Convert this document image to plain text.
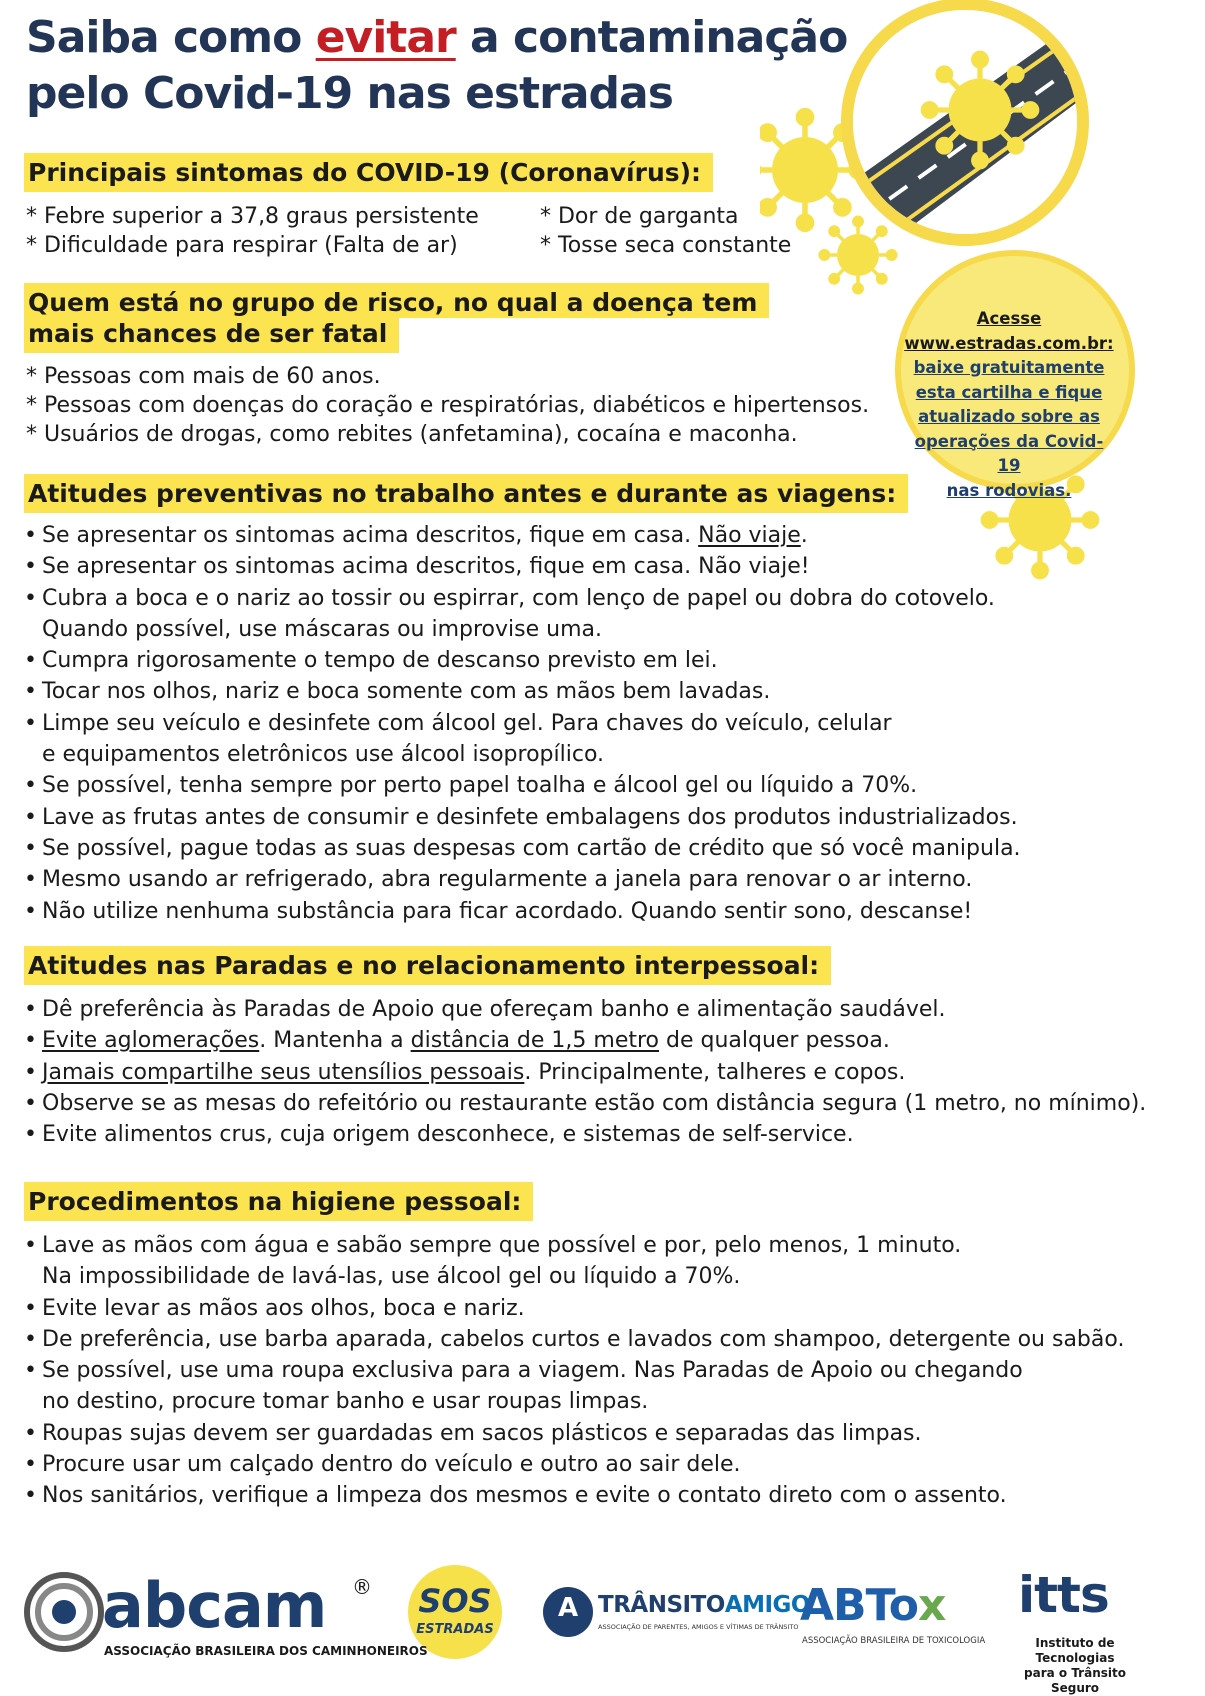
Saiba como evitar a contaminação
pelo Covid-19 nas estradas
Acesse
www.estradas.com.br:
baixe gratuitamente
esta cartilha e fique
atualizado sobre as
operações da Covid-19
nas rodovias.
Principais sintomas do COVID-19 (Coronavírus):
* Febre superior a 37,8 graus persistente
* Dificuldade para respirar (Falta de ar)
* Dor de garganta
* Tosse seca constante
Quem está no grupo de risco, no qual a doença tem
mais chances de ser fatal
* Pessoas com mais de 60 anos.
* Pessoas com doenças do coração e respiratórias, diabéticos e hipertensos.
* Usuários de drogas, como rebites (anfetamina), cocaína e maconha.
Atitudes preventivas no trabalho antes e durante as viagens:
• Se apresentar os sintomas acima descritos, fique em casa. Não viaje.
• Se apresentar os sintomas acima descritos, fique em casa. Não viaje!
• Cubra a boca e o nariz ao tossir ou espirrar, com lenço de papel ou dobra do cotovelo.
Quando possível, use máscaras ou improvise uma.
• Cumpra rigorosamente o tempo de descanso previsto em lei.
• Tocar nos olhos, nariz e boca somente com as mãos bem lavadas.
• Limpe seu veículo e desinfete com álcool gel. Para chaves do veículo, celular
e equipamentos eletrônicos use álcool isopropílico.
• Se possível, tenha sempre por perto papel toalha e álcool gel ou líquido a 70%.
• Lave as frutas antes de consumir e desinfete embalagens dos produtos industrializados.
• Se possível, pague todas as suas despesas com cartão de crédito que só você manipula.
• Mesmo usando ar refrigerado, abra regularmente a janela para renovar o ar interno.
• Não utilize nenhuma substância para ficar acordado. Quando sentir sono, descanse!
Atitudes nas Paradas e no relacionamento interpessoal:
• Dê preferência às Paradas de Apoio que ofereçam banho e alimentação saudável.
• Evite aglomerações. Mantenha a distância de 1,5 metro de qualquer pessoa.
• Jamais compartilhe seus utensílios pessoais. Principalmente, talheres e copos.
• Observe se as mesas do refeitório ou restaurante estão com distância segura (1 metro, no mínimo).
• Evite alimentos crus, cuja origem desconhece, e sistemas de self-service.
Procedimentos na higiene pessoal:
• Lave as mãos com água e sabão sempre que possível e por, pelo menos, 1 minuto.
Na impossibilidade de lavá-las, use álcool gel ou líquido a 70%.
• Evite levar as mãos aos olhos, boca e nariz.
• De preferência, use barba aparada, cabelos curtos e lavados com shampoo, detergente ou sabão.
• Se possível, use uma roupa exclusiva para a viagem. Nas Paradas de Apoio ou chegando
no destino, procure tomar banho e usar roupas limpas.
• Roupas sujas devem ser guardadas em sacos plásticos e separadas das limpas.
• Procure usar um calçado dentro do veículo e outro ao sair dele.
• Nos sanitários, verifique a limpeza dos mesmos e evite o contato direto com o assento.
abcam ®
ASSOCIAÇÃO BRASILEIRA DOS CAMINHONEIROS
SOS
ESTRADAS
A TRÂNSITOAMIGO
ASSOCIAÇÃO DE PARENTES, AMIGOS E VÍTIMAS DE TRÂNSITO ABTox
ASSOCIAÇÃO BRASILEIRA DE TOXICOLOGIA
itts
Instituto de Tecnologias
para o Trânsito Seguro
